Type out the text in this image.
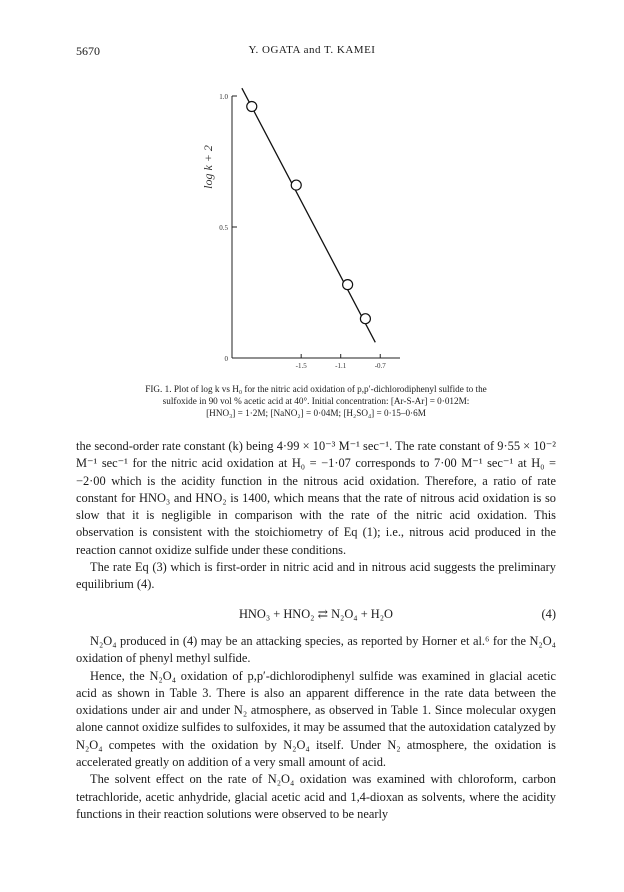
5670	Y. OGATA and T. KAMEI
1.0
0.5
0
-1.5	-1.1	-0.7
log k + 2

FIG. 1. Plot of log k vs H₀ for the nitric acid oxidation of p,p′-dichlorodiphenyl sulfide to the

sulfoxide in 90 vol % acetic acid at 40°. Initial concentration: [Ar-S-Ar] = 0·012M:

[HNO₃] = 1·2M; [NaNO₂] = 0·04M; [H₂SO₄] = 0·15–0·6M

the second-order rate constant (k) being 4·99 × 10⁻³ M⁻¹ sec⁻¹. The rate constant of 9·55 × 10⁻² M⁻¹ sec⁻¹ for the nitric acid oxidation at H₀ = −1·07 corresponds to 7·00 M⁻¹ sec⁻¹ at H₀ = −2·00 which is the acidity function in the nitrous acid oxidation. Therefore, a ratio of rate constant for HNO₃ and HNO₂ is 1400, which means that the rate of nitrous acid oxidation is so slow that it is negligible in comparison with the rate of the nitric acid oxidation. This observation is consistent with the stoichiometry of Eq (1); i.e., nitrous acid produced in the reaction cannot oxidize sulfide under these conditions.

The rate Eq (3) which is first-order in nitric acid and in nitrous acid suggests the preliminary equilibrium (4).

HNO₃ + HNO₂ ⇄ N₂O₄ + H₂O	(4)

N₂O₄ produced in (4) may be an attacking species, as reported by Horner et al.⁶ for the N₂O₄ oxidation of phenyl methyl sulfide.

Hence, the N₂O₄ oxidation of p,p′-dichlorodiphenyl sulfide was examined in glacial acetic acid as shown in Table 3. There is also an apparent difference in the rate data between the oxidations under air and under N₂ atmosphere, as observed in Table 1. Since molecular oxygen alone cannot oxidize sulfides to sulfoxides, it may be assumed that the autoxidation catalyzed by N₂O₄ competes with the oxidation by N₂O₄ itself. Under N₂ atmosphere, the oxidation is accelerated greatly on addition of a very small amount of acid.

The solvent effect on the rate of N₂O₄ oxidation was examined with chloroform, carbon tetrachloride, acetic anhydride, glacial acetic acid and 1,4-dioxan as solvents, where the acidity functions in their reaction solutions were observed to be nearly
